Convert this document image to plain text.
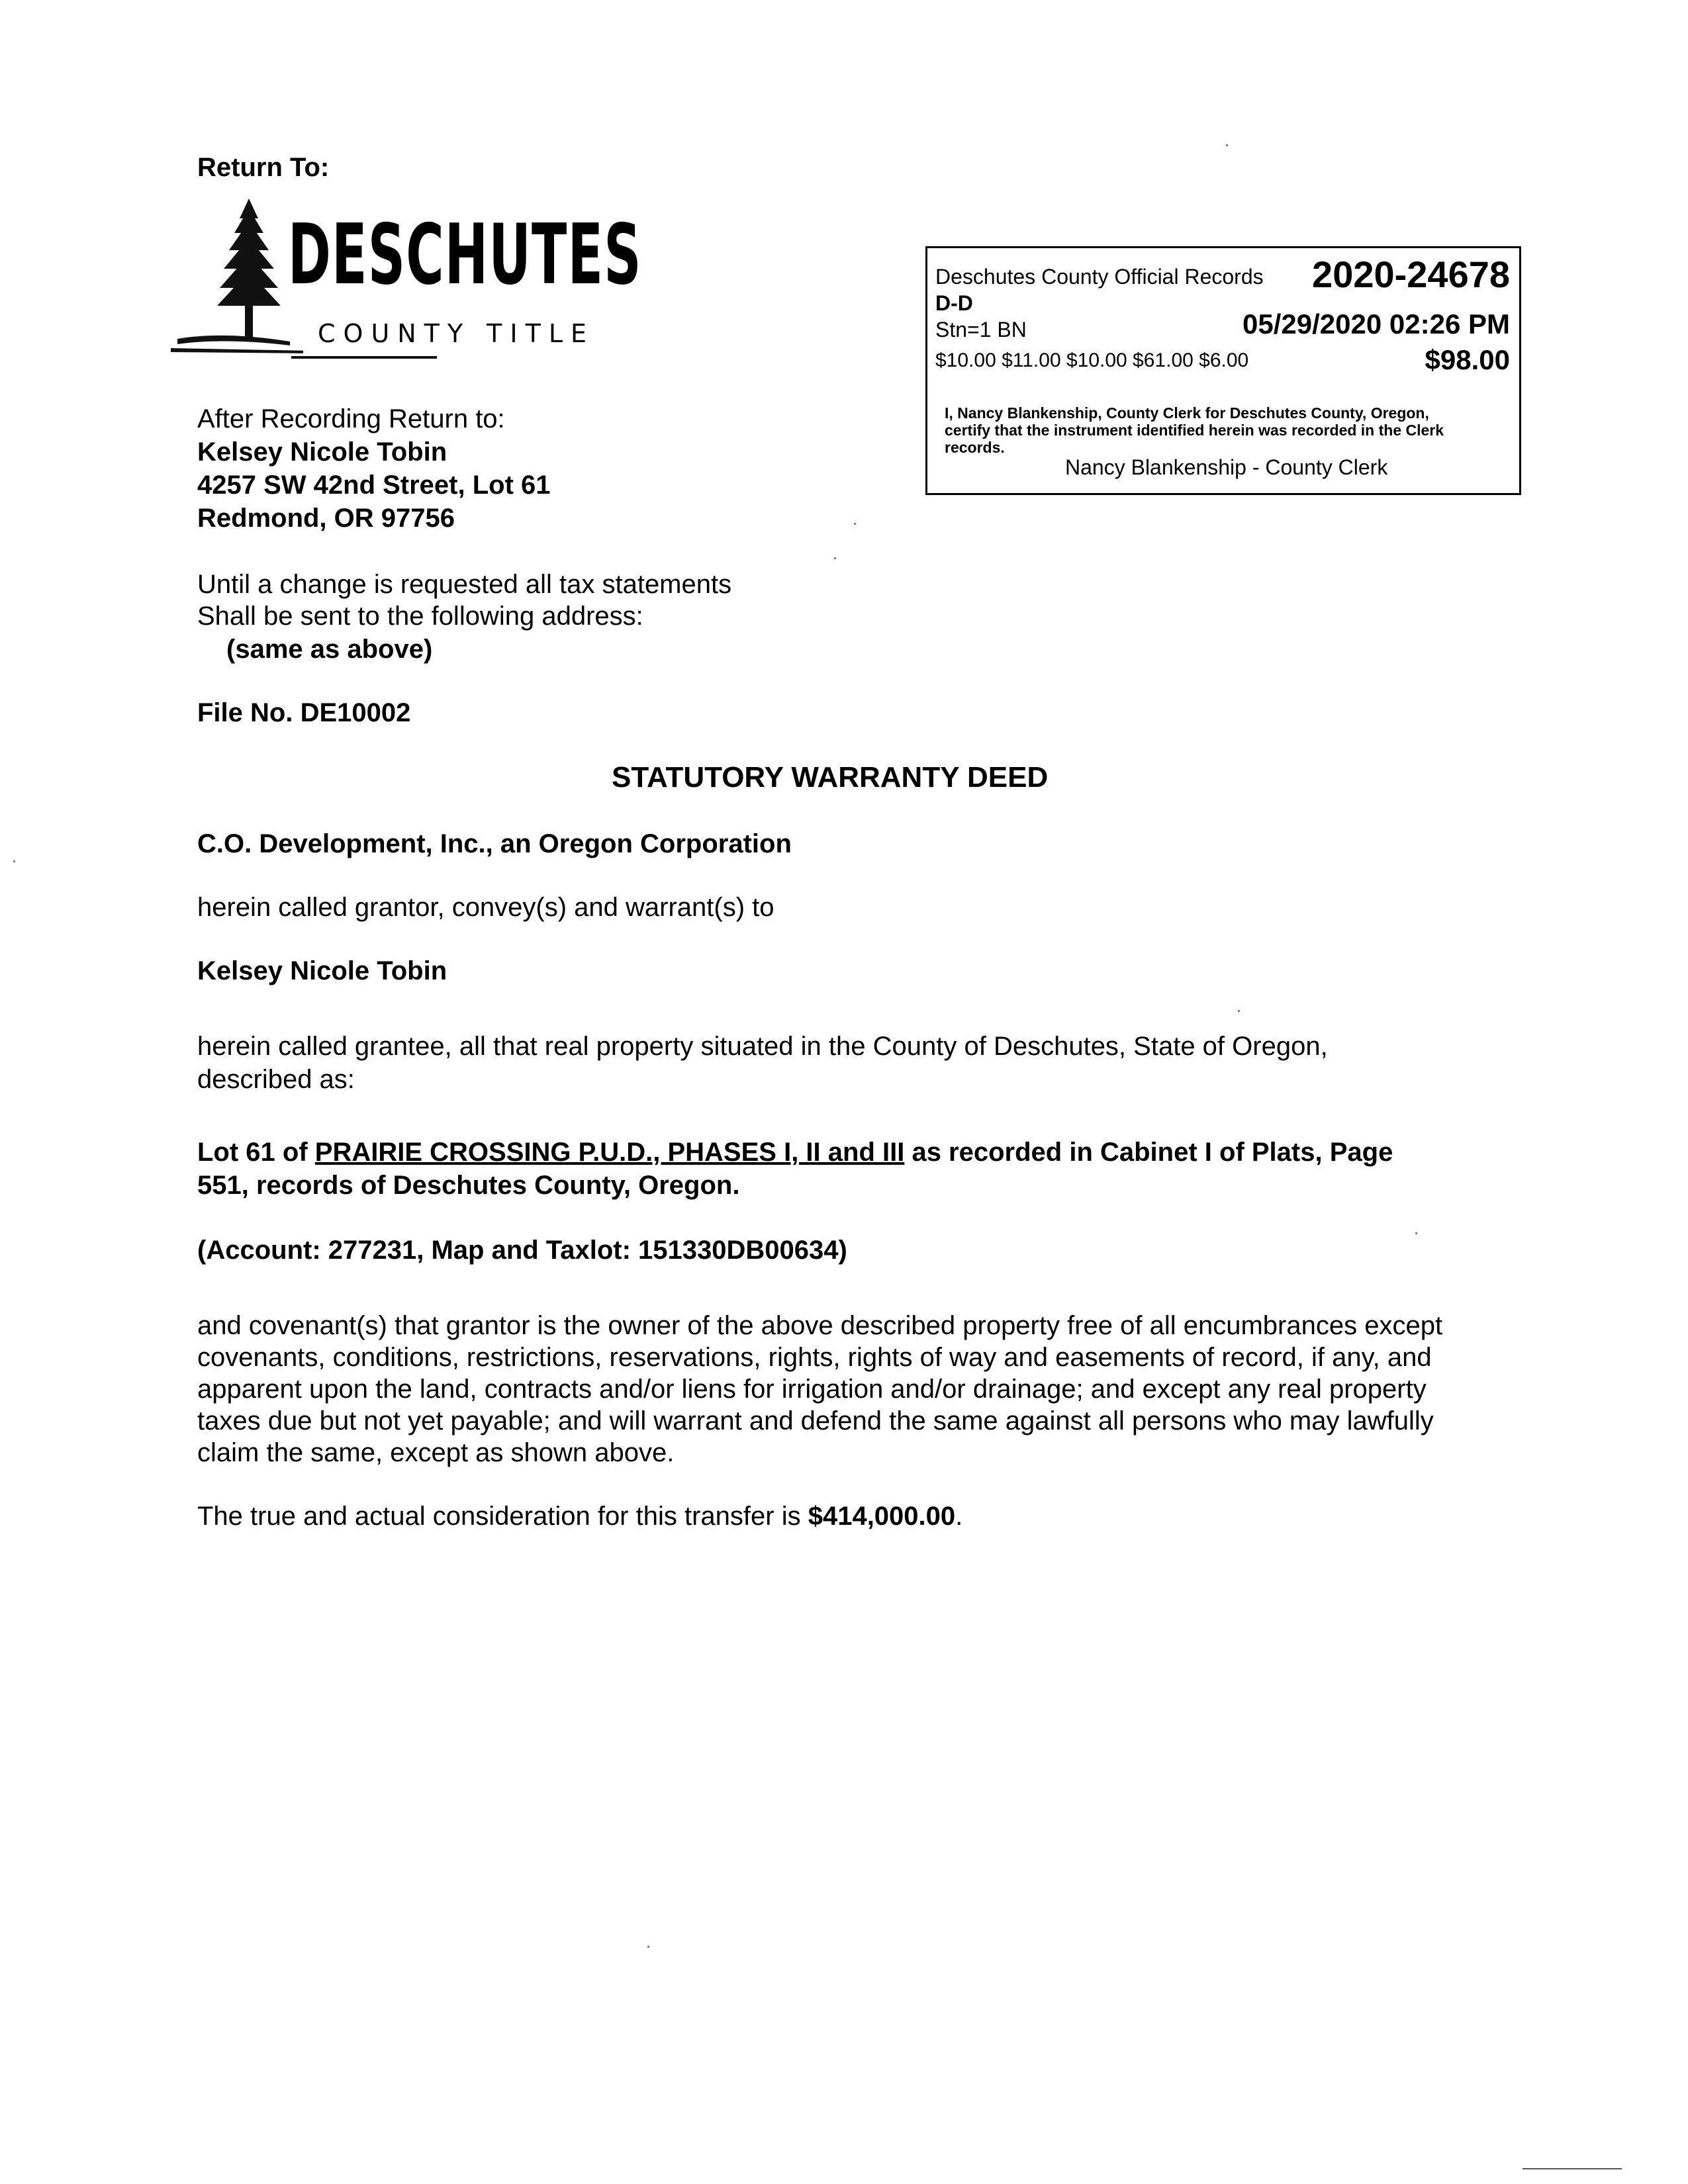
Return To:
DESCHUTES
COUNTY TITLE
Deschutes County Official Records 2020-24678
D-D
Stn=1 BN	05/29/2020 02:26 PM
$10.00 $11.00 $10.00 $61.00 $6.00	$98.00
I, Nancy Blankenship, County Clerk for Deschutes County, Oregon,
certify that the instrument identified herein was recorded in the Clerk
records.
Nancy Blankenship - County Clerk
After Recording Return to:
Kelsey Nicole Tobin
4257 SW 42nd Street, Lot 61
Redmond, OR 97756
Until a change is requested all tax statements
Shall be sent to the following address:
(same as above)
File No. DE10002
STATUTORY WARRANTY DEED
C.O. Development, Inc., an Oregon Corporation
herein called grantor, convey(s) and warrant(s) to
Kelsey Nicole Tobin
herein called grantee, all that real property situated in the County of Deschutes, State of Oregon,
described as:
Lot 61 of PRAIRIE CROSSING P.U.D., PHASES I, II and III as recorded in Cabinet I of Plats, Page
551, records of Deschutes County, Oregon.
(Account: 277231, Map and Taxlot: 151330DB00634)
and covenant(s) that grantor is the owner of the above described property free of all encumbrances except
covenants, conditions, restrictions, reservations, rights, rights of way and easements of record, if any, and
apparent upon the land, contracts and/or liens for irrigation and/or drainage; and except any real property
taxes due but not yet payable; and will warrant and defend the same against all persons who may lawfully
claim the same, except as shown above.
The true and actual consideration for this transfer is $414,000.00.
